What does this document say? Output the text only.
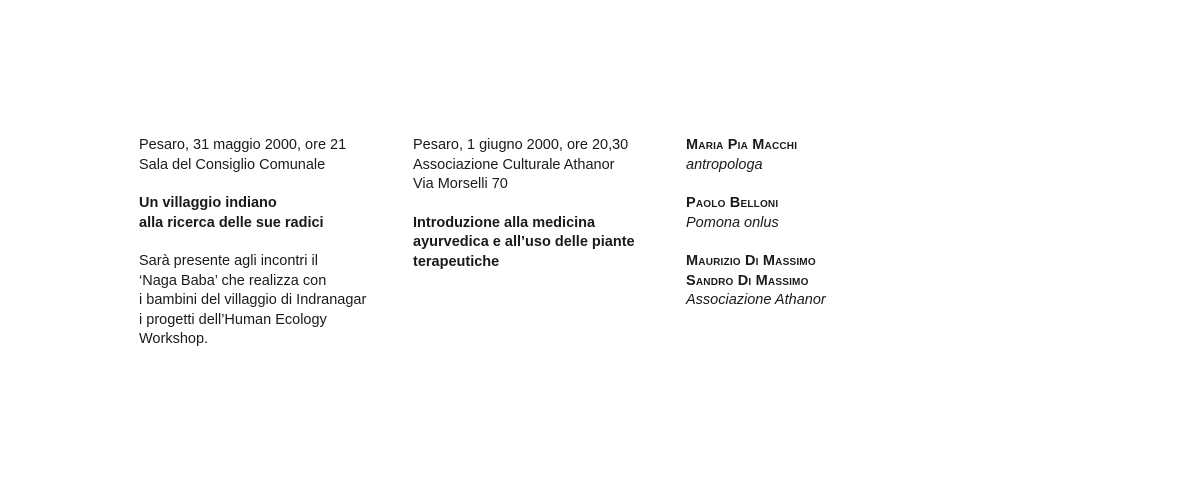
Pesaro, 31 maggio 2000, ore 21
Sala del Consiglio Comunale
Un villaggio indiano
alla ricerca delle sue radici
Sarà presente agli incontri il
‘Naga Baba’ che realizza con
i bambini del villaggio di Indranagar
i progetti dell’Human Ecology
Workshop.
Pesaro, 1 giugno 2000, ore 20,30
Associazione Culturale Athanor
Via Morselli 70
Introduzione alla medicina
ayurvedica e all’uso delle piante
terapeutiche
Maria Pia Macchi
antropologa
Paolo Belloni
Pomona onlus
Maurizio Di Massimo
Sandro Di Massimo
Associazione Athanor
